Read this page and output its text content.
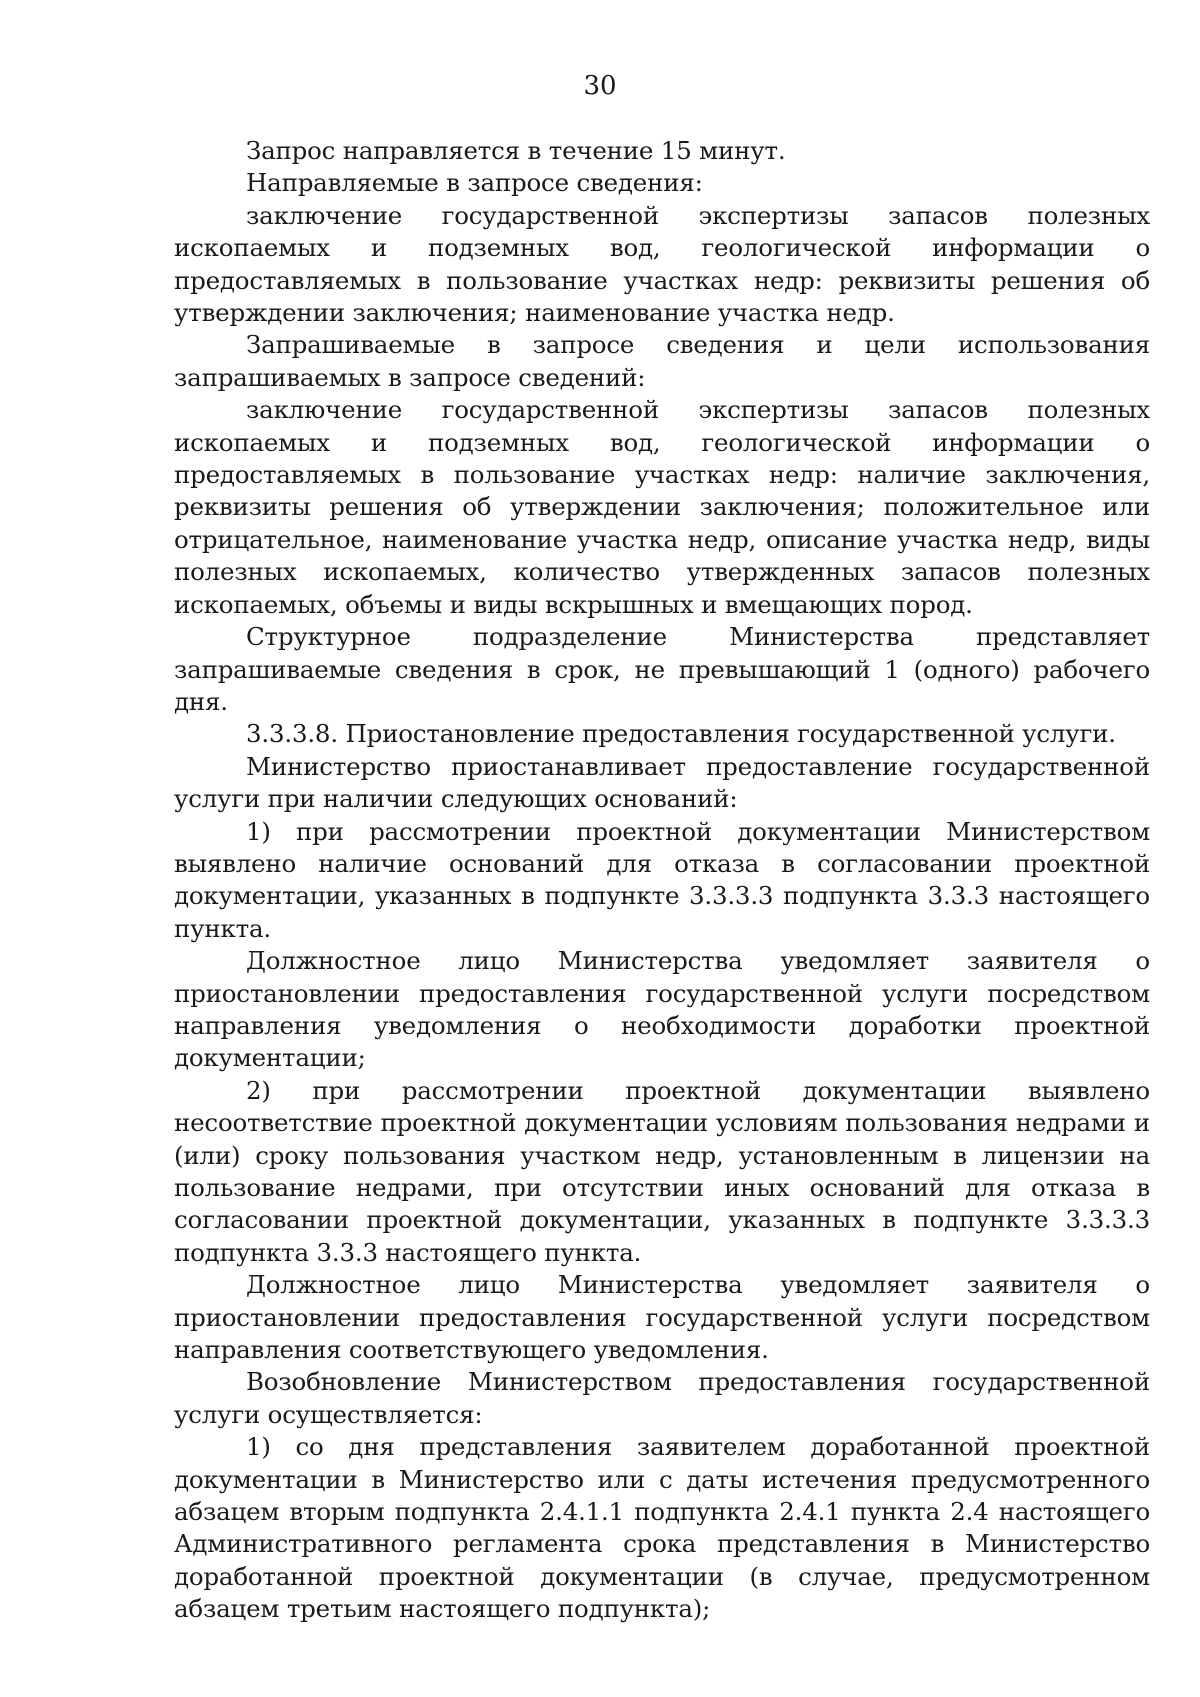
30

Запрос направляется в течение 15 минут.

Направляемые в запросе сведения:

заключение государственной экспертизы запасов полезных ископаемых и подземных вод, геологической информации о предоставляемых в пользование участках недр: реквизиты решения об утверждении заключения; наименование участка недр.

Запрашиваемые в запросе сведения и цели использования запрашиваемых в запросе сведений:

заключение государственной экспертизы запасов полезных ископаемых и подземных вод, геологической информации о предоставляемых в пользование участках недр: наличие заключения, реквизиты решения об утверждении заключения; положительное или отрицательное, наименование участка недр, описание участка недр, виды полезных ископаемых, количество утвержденных запасов полезных ископаемых, объемы и виды вскрышных и вмещающих пород.

Структурное подразделение Министерства представляет запрашиваемые сведения в срок, не превышающий 1 (одного) рабочего дня.

3.3.3.8. Приостановление предоставления государственной услуги.

Министерство приостанавливает предоставление государственной услуги при наличии следующих оснований:

1) при рассмотрении проектной документации Министерством выявлено наличие оснований для отказа в согласовании проектной документации, указанных в подпункте 3.3.3.3 подпункта 3.3.3 настоящего пункта.

Должностное лицо Министерства уведомляет заявителя о приостановлении предоставления государственной услуги посредством направления уведомления о необходимости доработки проектной документации;

2) при рассмотрении проектной документации выявлено несоответствие проектной документации условиям пользования недрами и (или) сроку пользования участком недр, установленным в лицензии на пользование недрами, при отсутствии иных оснований для отказа в согласовании проектной документации, указанных в подпункте 3.3.3.3 подпункта 3.3.3 настоящего пункта.

Должностное лицо Министерства уведомляет заявителя о приостановлении предоставления государственной услуги посредством направления соответствующего уведомления.

Возобновление Министерством предоставления государственной услуги осуществляется:

1) со дня представления заявителем доработанной проектной документации в Министерство или с даты истечения предусмотренного абзацем вторым подпункта 2.4.1.1 подпункта 2.4.1 пункта 2.4 настоящего Административного регламента срока представления в Министерство доработанной проектной документации (в случае, предусмотренном абзацем третьим настоящего подпункта);
